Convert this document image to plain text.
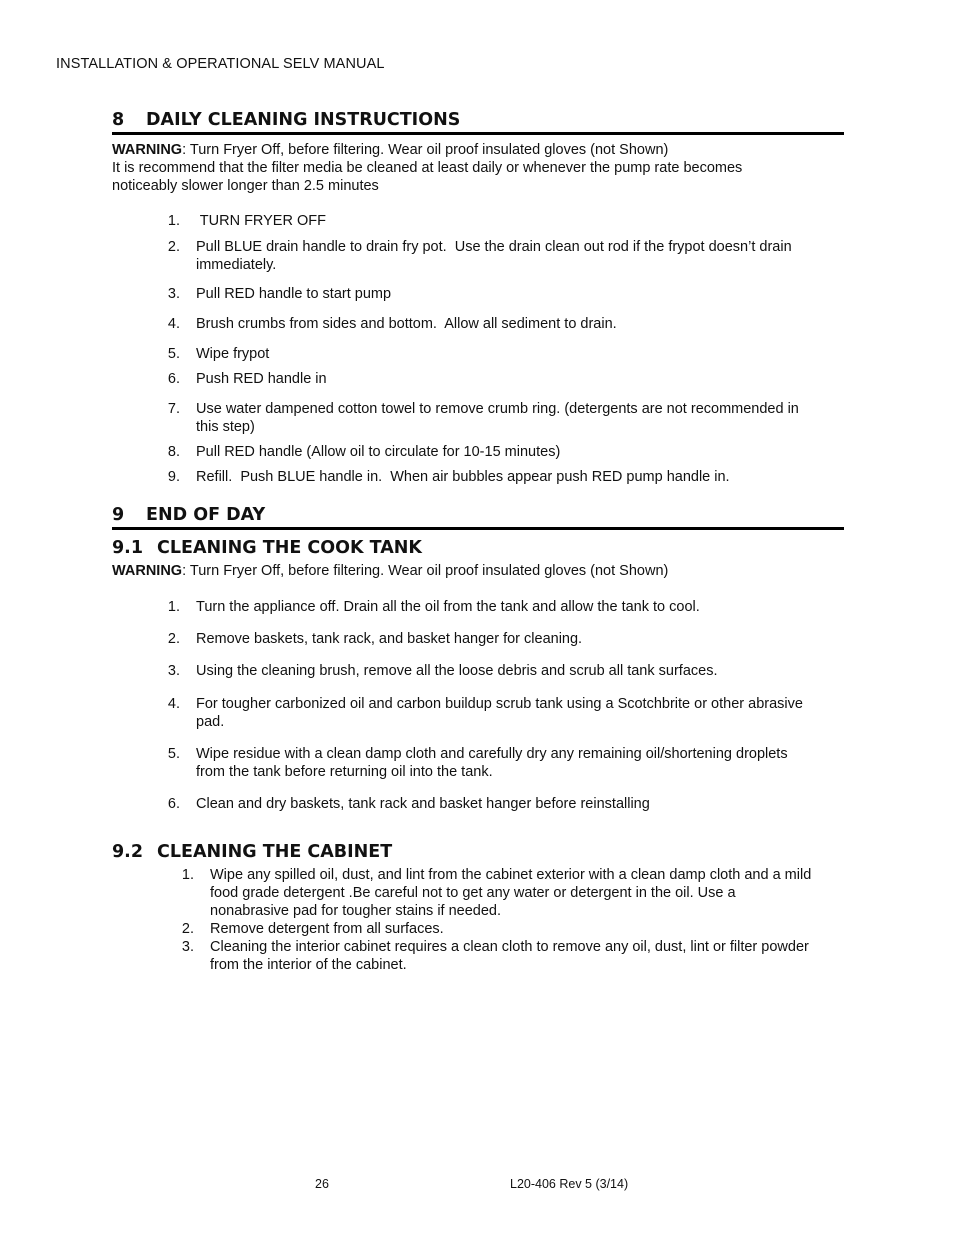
INSTALLATION & OPERATIONAL SELV MANUAL
8 DAILY CLEANING INSTRUCTIONS
WARNING: Turn Fryer Off, before filtering. Wear oil proof insulated gloves (not Shown)
It is recommend that the filter media be cleaned at least daily or whenever the pump rate becomes
noticeably slower longer than 2.5 minutes
1. TURN FRYER OFF
2. Pull BLUE drain handle to drain fry pot.  Use the drain clean out rod if the frypot doesn’t drain
immediately.
3. Pull RED handle to start pump
4. Brush crumbs from sides and bottom.  Allow all sediment to drain.
5. Wipe frypot
6. Push RED handle in
7. Use water dampened cotton towel to remove crumb ring. (detergents are not recommended in
this step)
8. Pull RED handle (Allow oil to circulate for 10-15 minutes)
9. Refill.  Push BLUE handle in.  When air bubbles appear push RED pump handle in.
9 END OF DAY
9.1 CLEANING THE COOK TANK
WARNING: Turn Fryer Off, before filtering. Wear oil proof insulated gloves (not Shown)
1. Turn the appliance off. Drain all the oil from the tank and allow the tank to cool.
2. Remove baskets, tank rack, and basket hanger for cleaning.
3. Using the cleaning brush, remove all the loose debris and scrub all tank surfaces.
4. For tougher carbonized oil and carbon buildup scrub tank using a Scotchbrite or other abrasive
pad.
5. Wipe residue with a clean damp cloth and carefully dry any remaining oil/shortening droplets
from the tank before returning oil into the tank.
6. Clean and dry baskets, tank rack and basket hanger before reinstalling
9.2 CLEANING THE CABINET
1. Wipe any spilled oil, dust, and lint from the cabinet exterior with a clean damp cloth and a mild
food grade detergent .Be careful not to get any water or detergent in the oil. Use a
nonabrasive pad for tougher stains if needed.
2. Remove detergent from all surfaces.
3. Cleaning the interior cabinet requires a clean cloth to remove any oil, dust, lint or filter powder
from the interior of the cabinet.
26	L20-406 Rev 5 (3/14)
